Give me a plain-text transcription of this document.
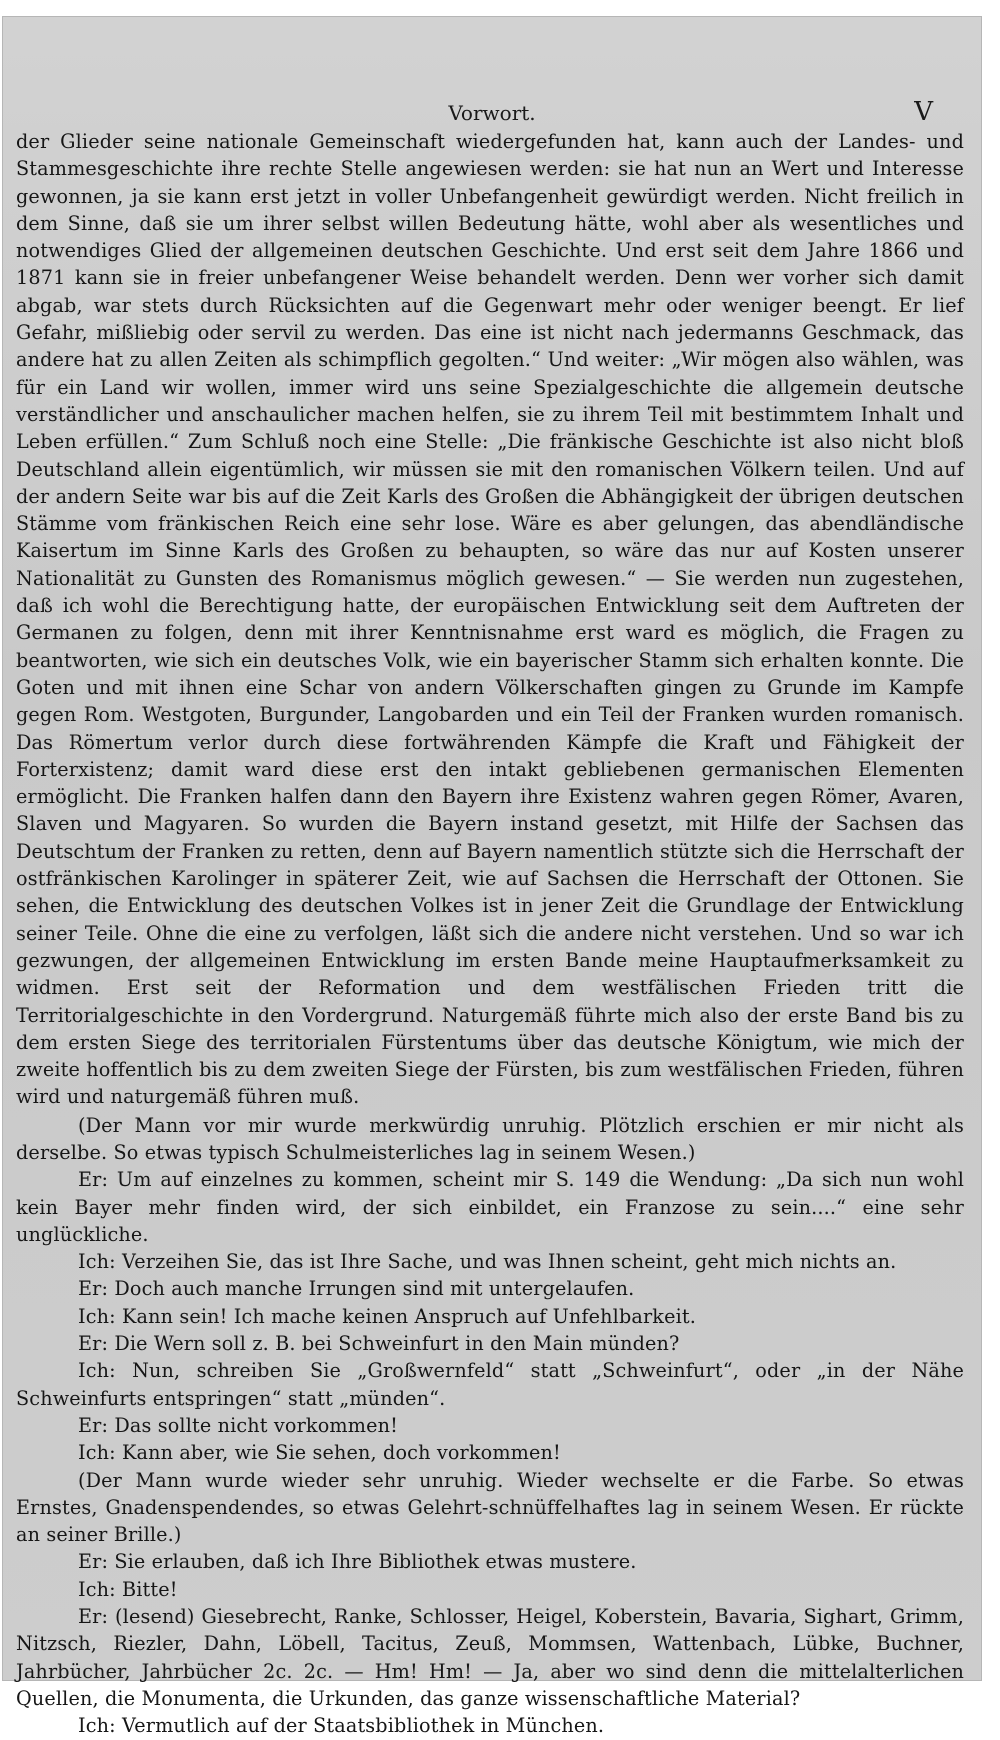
Vorwort.	V

der Glieder seine nationale Gemeinschaft wiedergefunden hat, kann auch der Landes- und Stammesgeschichte ihre rechte Stelle angewiesen werden: sie hat nun an Wert und Interesse gewonnen, ja sie kann erst jetzt in voller Unbefangenheit gewürdigt werden. Nicht freilich in dem Sinne, daß sie um ihrer selbst willen Bedeutung hätte, wohl aber als wesentliches und notwendiges Glied der allgemeinen deutschen Geschichte. Und erst seit dem Jahre 1866 und 1871 kann sie in freier unbefangener Weise behandelt werden. Denn wer vorher sich damit abgab, war stets durch Rücksichten auf die Gegenwart mehr oder weniger beengt. Er lief Gefahr, mißliebig oder servil zu werden. Das eine ist nicht nach jedermanns Geschmack, das andere hat zu allen Zeiten als schimpflich gegolten.“ Und weiter: „Wir mögen also wählen, was für ein Land wir wollen, immer wird uns seine Spezialgeschichte die allgemein deutsche verständlicher und anschaulicher machen helfen, sie zu ihrem Teil mit bestimmtem Inhalt und Leben erfüllen.“ Zum Schluß noch eine Stelle: „Die fränkische Geschichte ist also nicht bloß Deutschland allein eigentümlich, wir müssen sie mit den romanischen Völkern teilen. Und auf der andern Seite war bis auf die Zeit Karls des Großen die Abhängigkeit der übrigen deutschen Stämme vom fränkischen Reich eine sehr lose. Wäre es aber gelungen, das abendländische Kaisertum im Sinne Karls des Großen zu behaupten, so wäre das nur auf Kosten unserer Nationalität zu Gunsten des Romanismus möglich gewesen.“ — Sie werden nun zugestehen, daß ich wohl die Berechtigung hatte, der europäischen Entwicklung seit dem Auftreten der Germanen zu folgen, denn mit ihrer Kenntnisnahme erst ward es möglich, die Fragen zu beantworten, wie sich ein deutsches Volk, wie ein bayerischer Stamm sich erhalten konnte. Die Goten und mit ihnen eine Schar von andern Völkerschaften gingen zu Grunde im Kampfe gegen Rom. Westgoten, Burgunder, Langobarden und ein Teil der Franken wurden romanisch. Das Römertum verlor durch diese fortwährenden Kämpfe die Kraft und Fähigkeit der Forterxistenz; damit ward diese erst den intakt gebliebenen germanischen Elementen ermöglicht. Die Franken halfen dann den Bayern ihre Existenz wahren gegen Römer, Avaren, Slaven und Magyaren. So wurden die Bayern instand gesetzt, mit Hilfe der Sachsen das Deutschtum der Franken zu retten, denn auf Bayern namentlich stützte sich die Herrschaft der ostfränkischen Karolinger in späterer Zeit, wie auf Sachsen die Herrschaft der Ottonen. Sie sehen, die Entwicklung des deutschen Volkes ist in jener Zeit die Grundlage der Entwicklung seiner Teile. Ohne die eine zu verfolgen, läßt sich die andere nicht verstehen. Und so war ich gezwungen, der allgemeinen Entwicklung im ersten Bande meine Hauptaufmerksamkeit zu widmen. Erst seit der Reformation und dem westfälischen Frieden tritt die Territorialgeschichte in den Vordergrund. Naturgemäß führte mich also der erste Band bis zu dem ersten Siege des territorialen Fürstentums über das deutsche Königtum, wie mich der zweite hoffentlich bis zu dem zweiten Siege der Fürsten, bis zum westfälischen Frieden, führen wird und naturgemäß führen muß.

(Der Mann vor mir wurde merkwürdig unruhig. Plötzlich erschien er mir nicht als derselbe. So etwas typisch Schulmeisterliches lag in seinem Wesen.)

Er: Um auf einzelnes zu kommen, scheint mir S. 149 die Wendung: „Da sich nun wohl kein Bayer mehr finden wird, der sich einbildet, ein Franzose zu sein....“ eine sehr unglückliche.

Ich: Verzeihen Sie, das ist Ihre Sache, und was Ihnen scheint, geht mich nichts an.

Er: Doch auch manche Irrungen sind mit untergelaufen.

Ich: Kann sein! Ich mache keinen Anspruch auf Unfehlbarkeit.

Er: Die Wern soll z. B. bei Schweinfurt in den Main münden?

Ich: Nun, schreiben Sie „Großwernfeld“ statt „Schweinfurt“, oder „in der Nähe Schweinfurts entspringen“ statt „münden“.

Er: Das sollte nicht vorkommen!

Ich: Kann aber, wie Sie sehen, doch vorkommen!

(Der Mann wurde wieder sehr unruhig. Wieder wechselte er die Farbe. So etwas Ernstes, Gnadenspendendes, so etwas Gelehrt-schnüffelhaftes lag in seinem Wesen. Er rückte an seiner Brille.)

Er: Sie erlauben, daß ich Ihre Bibliothek etwas mustere.

Ich: Bitte!

Er: (lesend) Giesebrecht, Ranke, Schlosser, Heigel, Koberstein, Bavaria, Sighart, Grimm, Nitzsch, Riezler, Dahn, Löbell, Tacitus, Zeuß, Mommsen, Wattenbach, Lübke, Buchner, Jahrbücher, Jahrbücher 2c. 2c. — Hm! Hm! — Ja, aber wo sind denn die mittelalterlichen Quellen, die Monumenta, die Urkunden, das ganze wissenschaftliche Material?

Ich: Vermutlich auf der Staatsbibliothek in München.
